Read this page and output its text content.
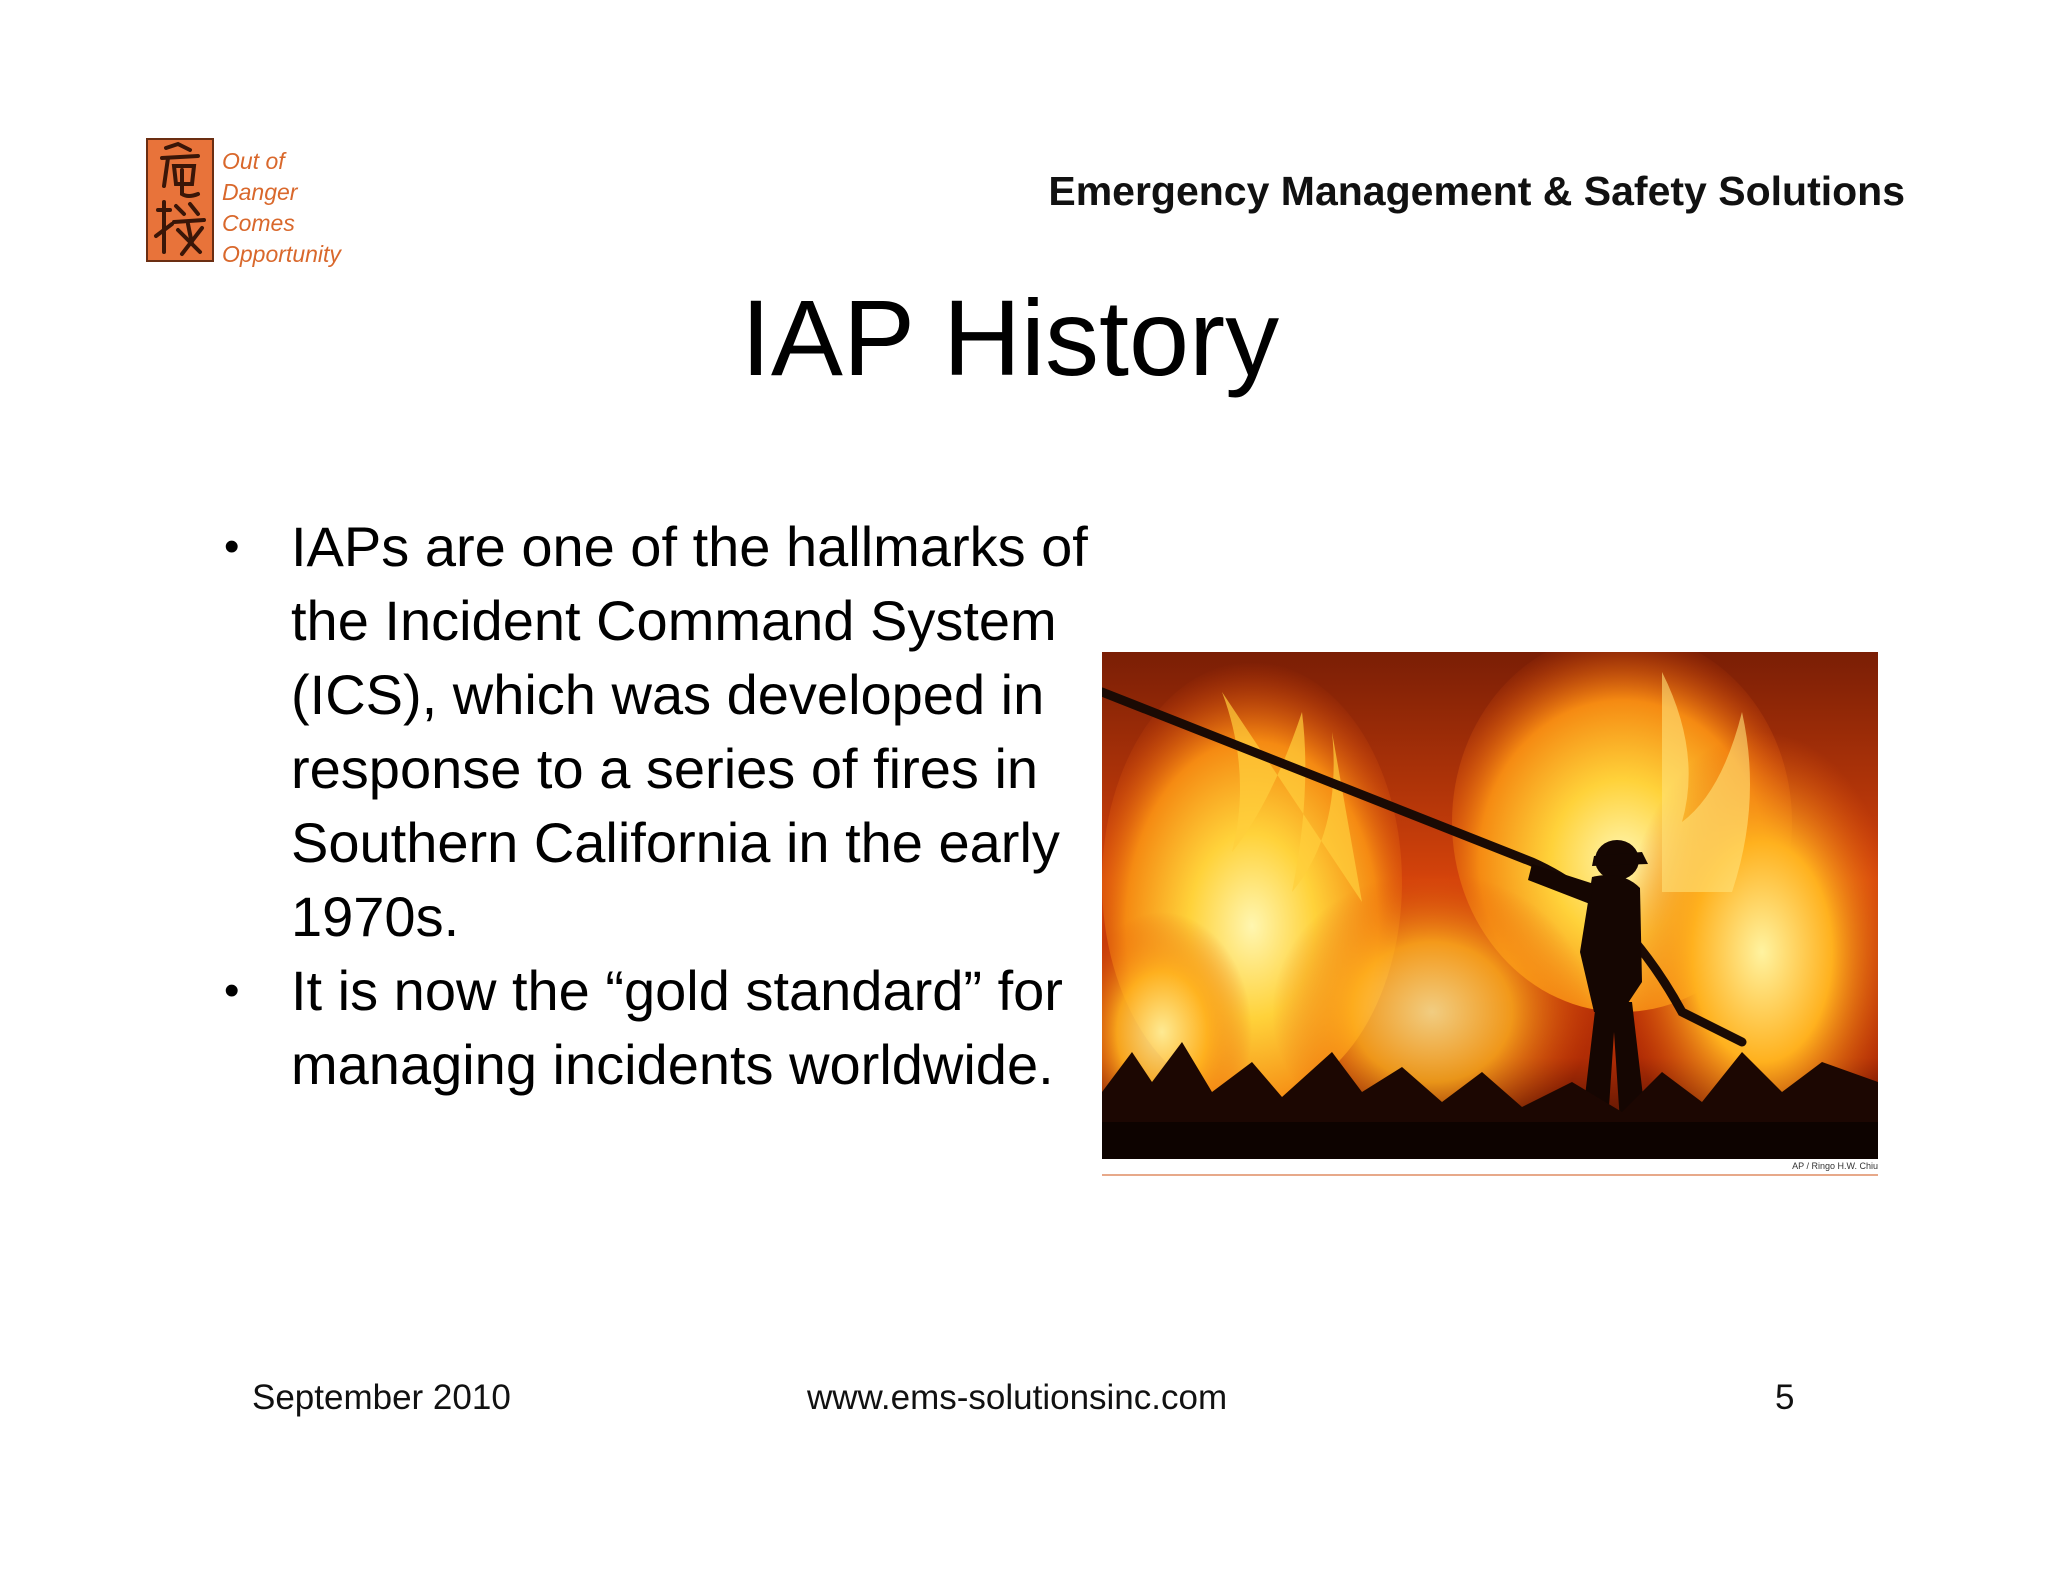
Out of
Danger
Comes
Opportunity
Emergency Management & Safety Solutions
IAP History
• IAPs are one of the hallmarks of the Incident Command System (ICS), which was developed in response to a series of fires in Southern California in the early 1970s.
• It is now the “gold standard” for managing incidents worldwide.
AP / Ringo H.W. Chiu
September 2010	www.ems-solutionsinc.com	5
